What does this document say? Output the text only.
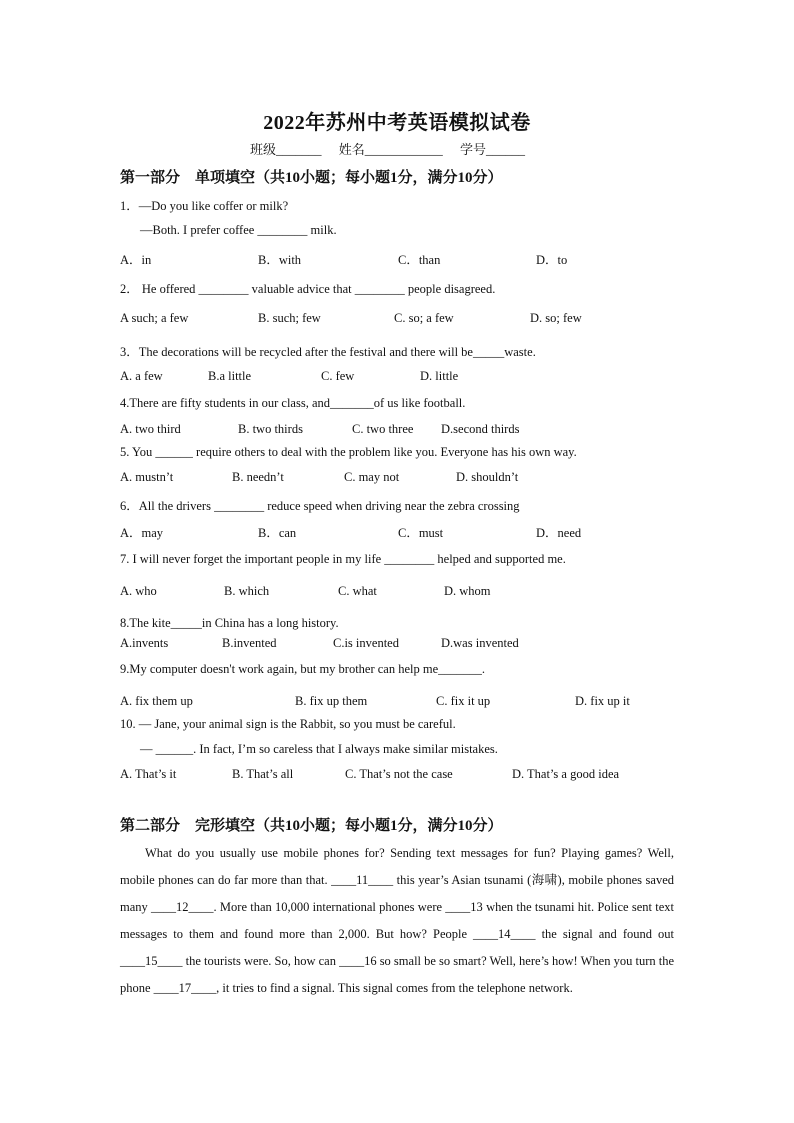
2022年苏州中考英语模拟试卷
班级_______ 姓名____________ 学号______
第一部分　单项填空（共10小题；每小题1分，满分10分）
1．—Do you like coffer or milk?
—Both. I prefer coffee ________ milk.
A．in	B．with	C．than	D．to
2． He offered ________ valuable advice that ________ people disagreed.
A such; a few	B. such; few	C. so; a few	D. so; few
3．The decorations will be recycled after the festival and there will be_____waste.
A. a few	B.a little	C. few	D. little
4.There are fifty students in our class, and_______of us like football.
A. two third	B. two thirds	C. two three D.second thirds
5. You ______ require others to deal with the problem like you. Everyone has his own way.
A. mustn’t	B. needn’t	C. may not	D. shouldn’t
6．All the drivers ________ reduce speed when driving near the zebra crossing
A．may	B．can	C．must	D．need
7. I will never forget the important people in my life ________ helped and supported me.
A. who	B. which	C. what	D. whom
8.The kite_____in China has a long history.
A.invents	B.invented	C.is invented	D.was invented
9.My computer doesn't work again, but my brother can help me_______.
A. fix them up	B. fix up them	C. fix it up	D. fix up it
10. — Jane, your animal sign is the Rabbit, so you must be careful.
— ______. In fact, I’m so careless that I always make similar mistakes.
A. That’s it	B. That’s all	C. That’s not the case	D. That’s a good idea
第二部分　完形填空（共10小题；每小题1分，满分10分）

What do you usually use mobile phones for? Sending text messages for fun? Playing games? Well, mobile phones can do far more than that. ____11____ this year’s Asian tsunami (海啸), mobile phones saved many ____12____. More than 10,000 international phones were ____13 when the tsunami hit. Police sent text messages to them and found more than 2,000. But how? People ____14____ the signal and found out ____15____ the tourists were. So, how can ____16 so small be so smart? Well, here’s how! When you turn the phone ____17____, it tries to find a signal. This signal comes from the telephone network.
